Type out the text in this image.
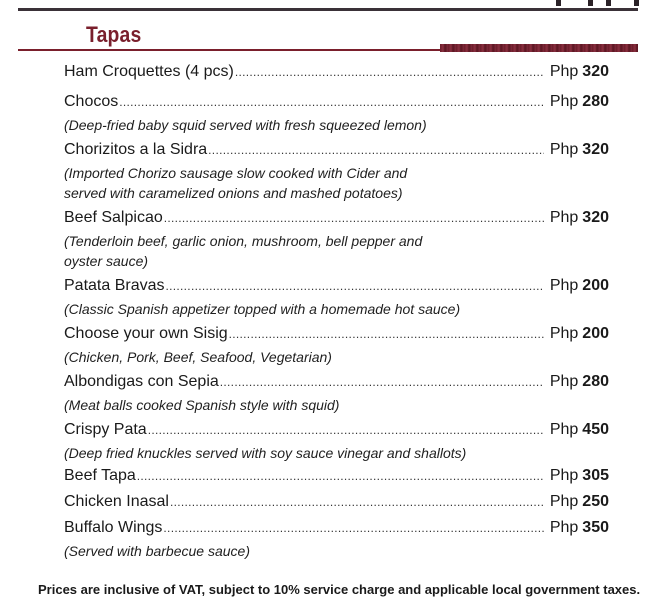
Tapas
Ham Croquettes (4 pcs) .....	Php 320
Chocos .....	Php 280
(Deep-fried baby squid served with fresh squeezed lemon)
Chorizitos a la Sidra .....	Php 320
(Imported Chorizo sausage slow cooked with Cider and served with caramelized onions and mashed potatoes)
Beef Salpicao .....	Php 320
(Tenderloin beef, garlic onion, mushroom, bell pepper and oyster sauce)
Patata Bravas .....	Php 200
(Classic Spanish appetizer topped with a homemade hot sauce)
Choose your own Sisig .....	Php 200
(Chicken, Pork, Beef, Seafood, Vegetarian)
Albondigas con Sepia .....	Php 280
(Meat balls cooked Spanish style with squid)
Crispy Pata .....	Php 450
(Deep fried knuckles served with soy sauce vinegar and shallots)
Beef Tapa .....	Php 305
Chicken Inasal .....	Php 250
Buffalo Wings .....	Php 350
(Served with barbecue sauce)
Prices are inclusive of VAT, subject to 10% service charge and applicable local government taxes.
